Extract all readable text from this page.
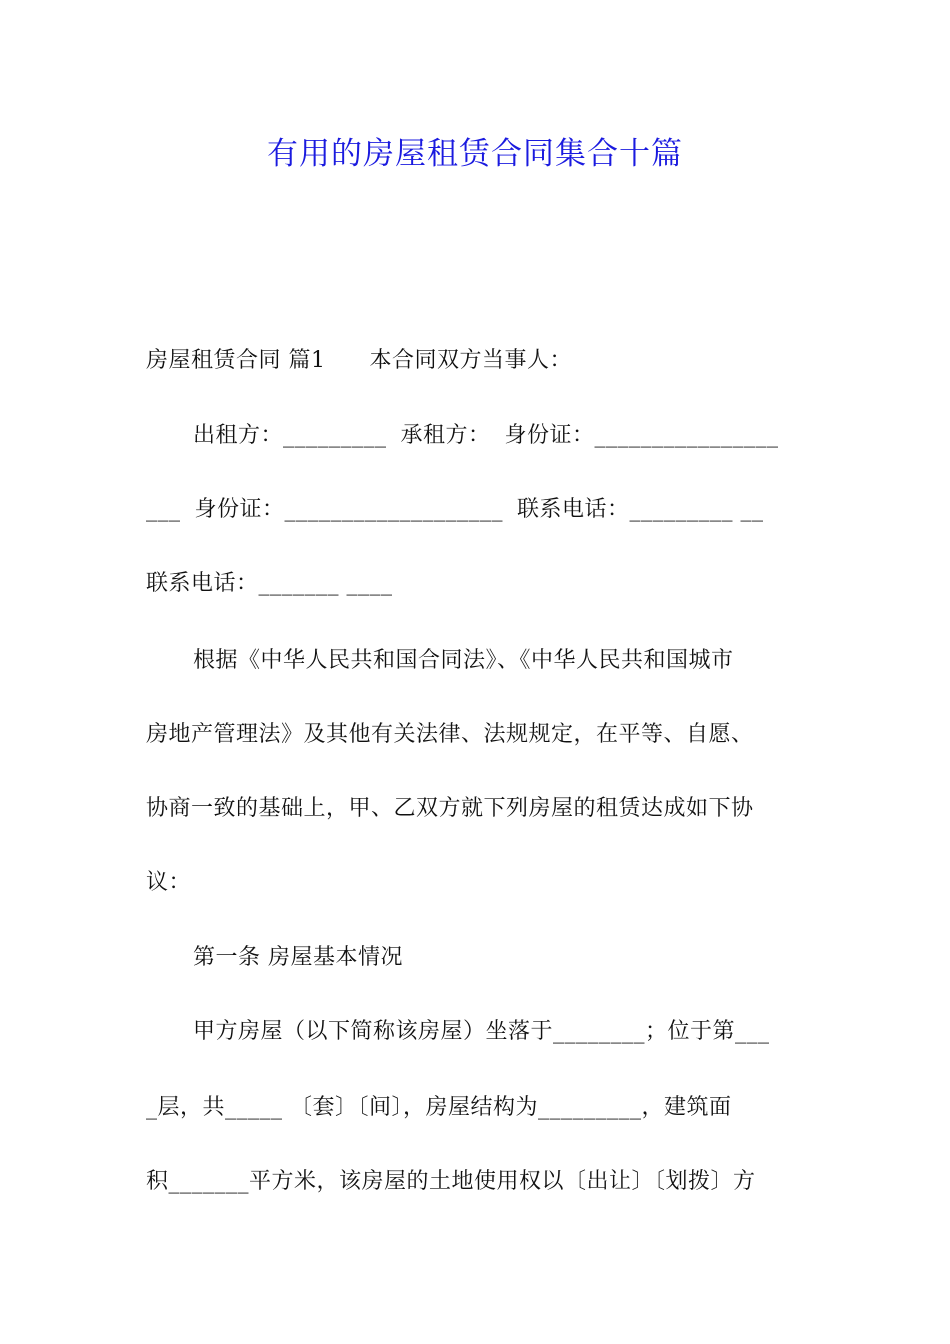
有用的房屋租赁合同集合十篇
房屋租赁合同 篇1 本合同双方当事人：
出租方：_________ 承租方： 身份证：________________
___ 身份证：___________________ 联系电话：_________ __
联系电话：_______ ____
根据《中华人民共和国合同法》、《中华人民共和国城市
房地产管理法》及其他有关法律、法规规定，在平等、自愿、
协商一致的基础上，甲、乙双方就下列房屋的租赁达成如下协
议：
第一条 房屋基本情况
甲方房屋（以下简称该房屋）坐落于________；位于第___
_层，共_____ 〔套〕〔间〕，房屋结构为_________，建筑面
积_______平方米，该房屋的土地使用权以〔出让〕〔划拨〕方
